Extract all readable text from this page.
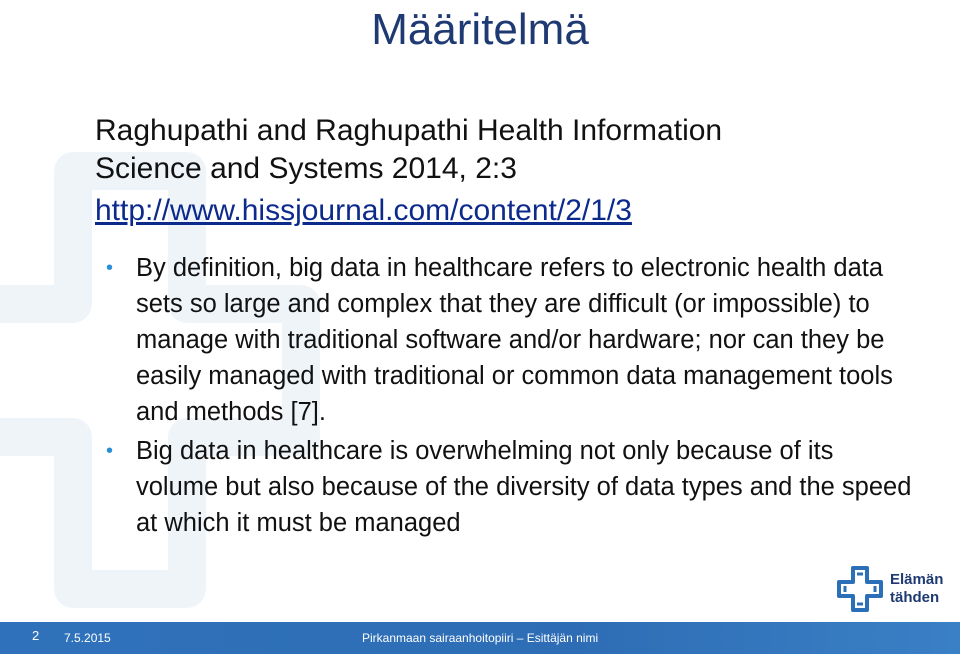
Määritelmä
Raghupathi and Raghupathi Health Information
Science and Systems 2014, 2:3
http://www.hissjournal.com/content/2/1/3
• By definition, big data in healthcare refers to electronic health data sets so large and complex that they are difficult (or impossible) to manage with traditional software and/or hardware; nor can they be easily managed with traditional or common data management tools and methods [7].
• Big data in healthcare is overwhelming not only because of its volume but also because of the diversity of data types and the speed at which it must be managed
Elämän
tähden
2 7.5.2015	Pirkanmaan sairaanhoitopiiri – Esittäjän nimi
